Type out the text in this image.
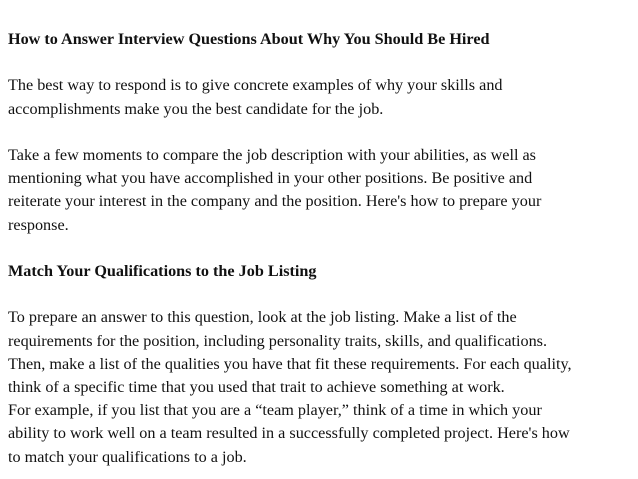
How to Answer Interview Questions About Why You Should Be Hired
The best way to respond is to give concrete examples of why your skills and
accomplishments make you the best candidate for the job.
Take a few moments to compare the job description with your abilities, as well as
mentioning what you have accomplished in your other positions. Be positive and
reiterate your interest in the company and the position. Here's how to prepare your
response.
Match Your Qualifications to the Job Listing
To prepare an answer to this question, look at the job listing. Make a list of the
requirements for the position, including personality traits, skills, and qualifications.
Then, make a list of the qualities you have that fit these requirements. For each quality,
think of a specific time that you used that trait to achieve something at work.
For example, if you list that you are a “team player,” think of a time in which your
ability to work well on a team resulted in a successfully completed project. Here's how
to match your qualifications to a job.
